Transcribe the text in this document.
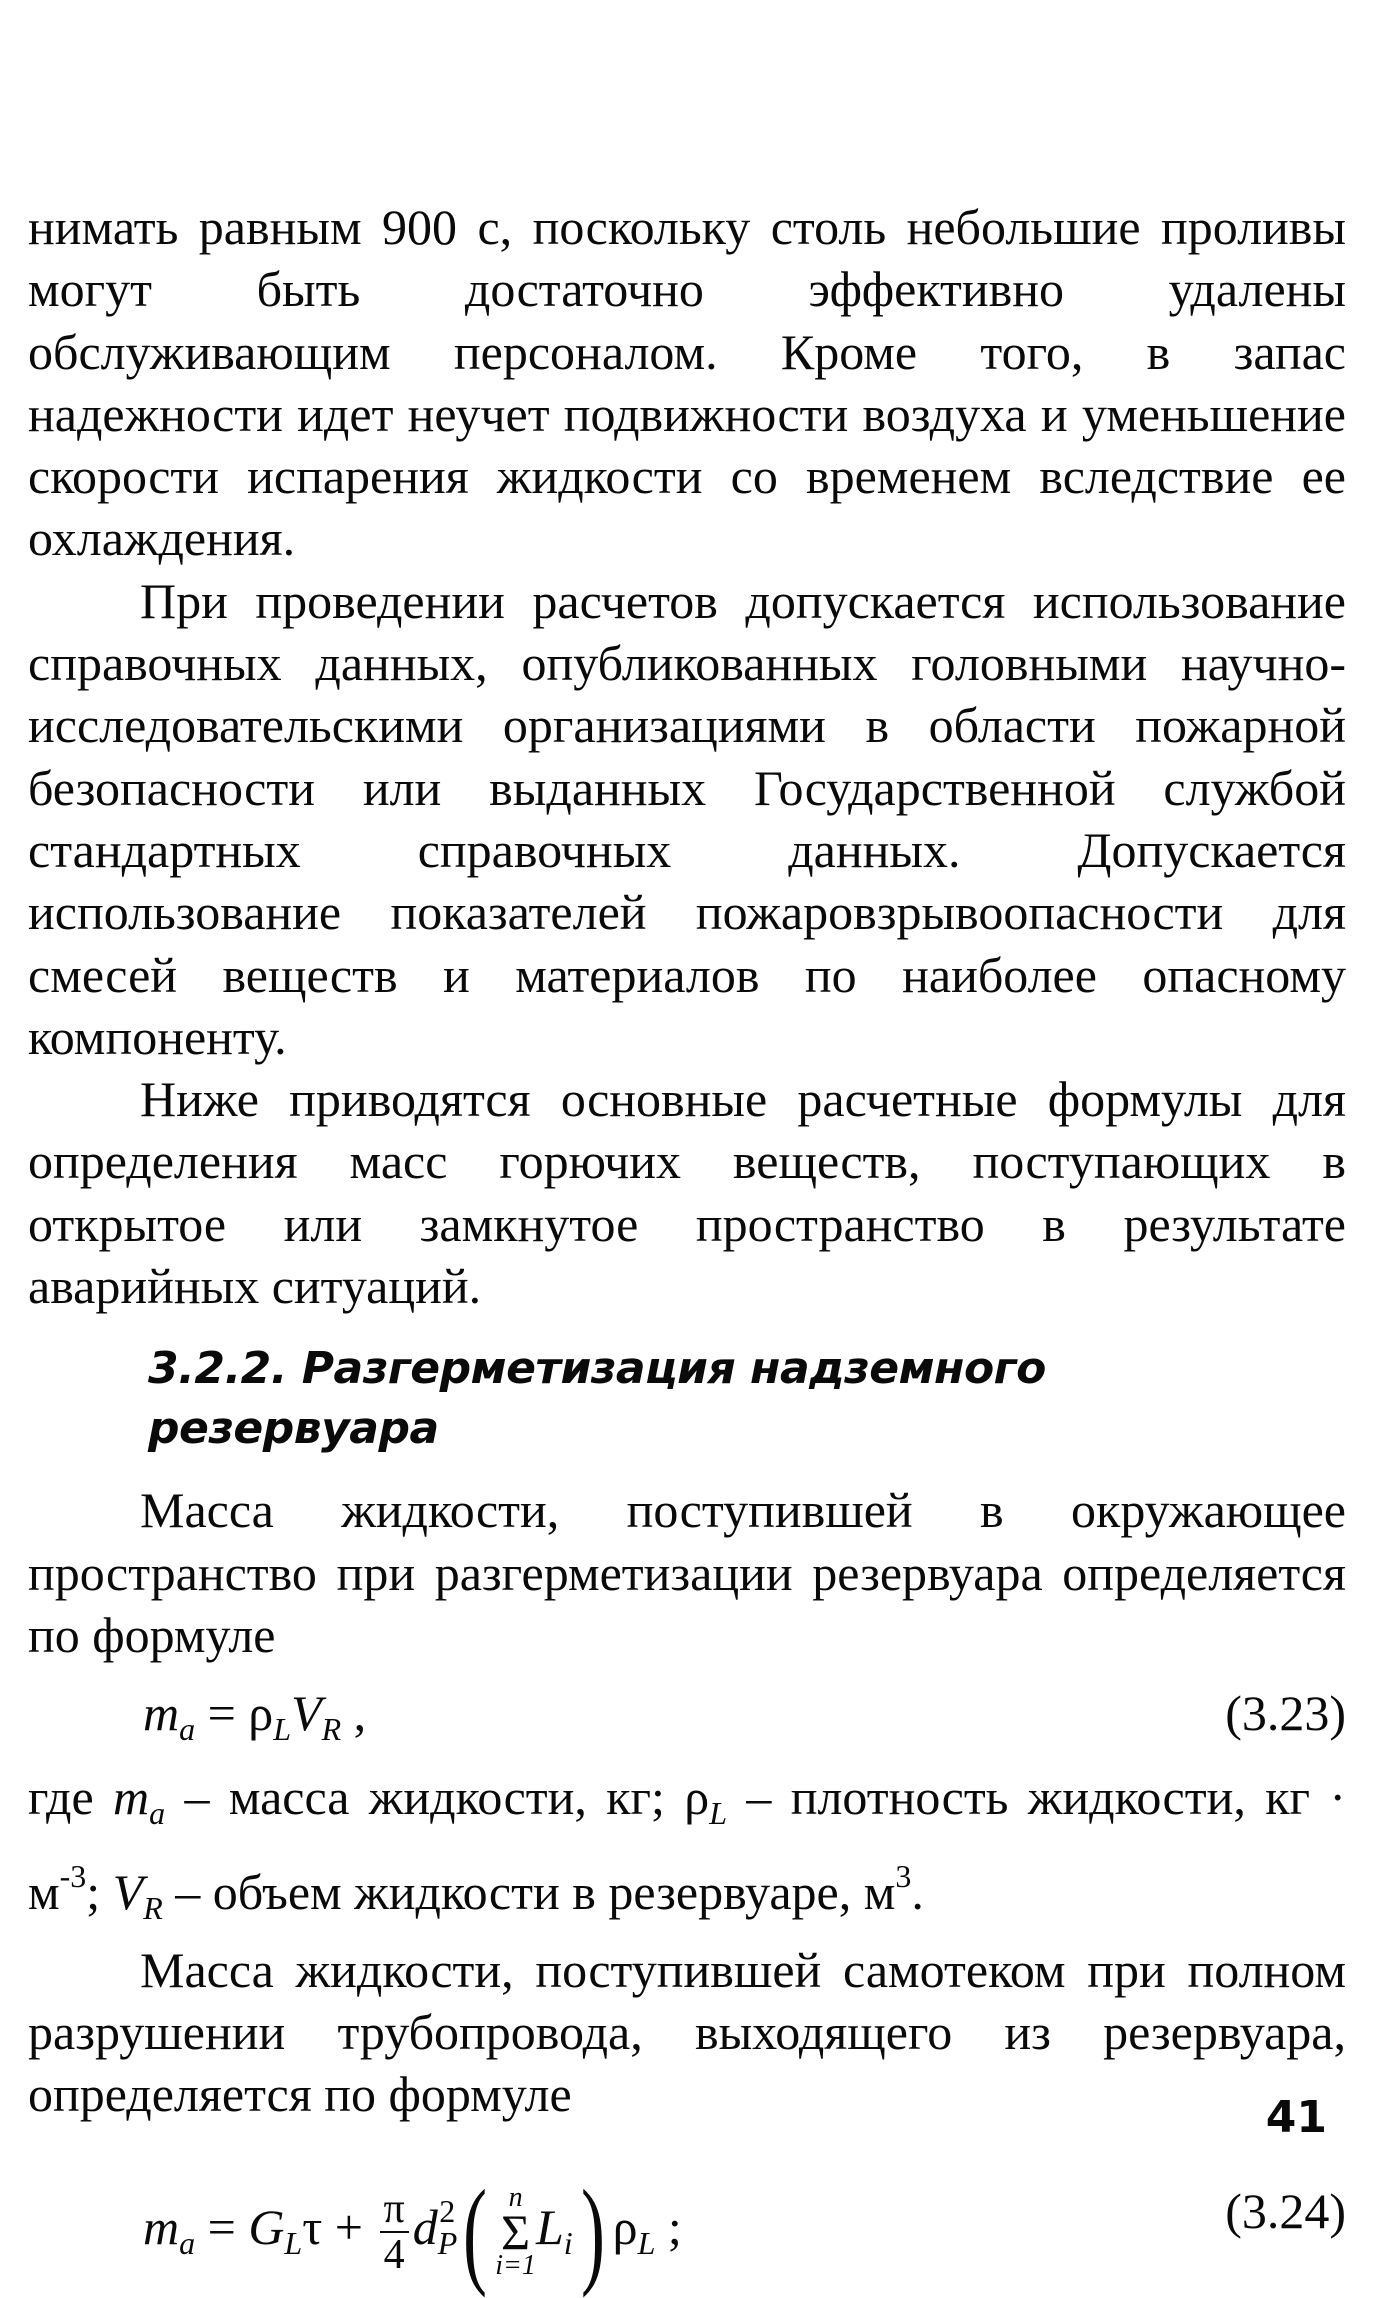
нимать равным 900 с, поскольку столь небольшие проливы могут быть достаточно эффективно удалены обслуживающим персоналом. Кроме того, в запас надежности идет неучет подвижности воздуха и уменьшение скорости испарения жидкости со временем вследствие ее охлаждения.

При проведении расчетов допускается использование справочных данных, опубликованных головными научно-исследовательскими организациями в области пожарной безопасности или выданных Государственной службой стандартных справочных данных. Допускается использование показателей пожаровзрывоопасности для смесей веществ и материалов по наиболее опасному компоненту.

Ниже приводятся основные расчетные формулы для определения масс горючих веществ, поступающих в открытое или замкнутое пространство в результате аварийных ситуаций.

3.2.2. Разгерметизация надземного резервуара

Масса жидкости, поступившей в окружающее пространство при разгерметизации резервуара определяется по формуле

$m_a = \rho_LV_R$ ,	(3.23)

где $m_a$ – масса жидкости, кг; $\rho_L$ – плотность жидкости, кг · $м^{-3}$; $V_R$ – объем жидкости в резервуаре, $м^3$.

Масса жидкости, поступившей самотеком при полном разрушении трубопровода, выходящего из резервуара, определяется по формуле

$m_a = G_L\tau + \frac{\pi}{4} d_P^2$( n
Σ
i=1
$L_i$) $\rho_L$ ;	(3.24)
41
